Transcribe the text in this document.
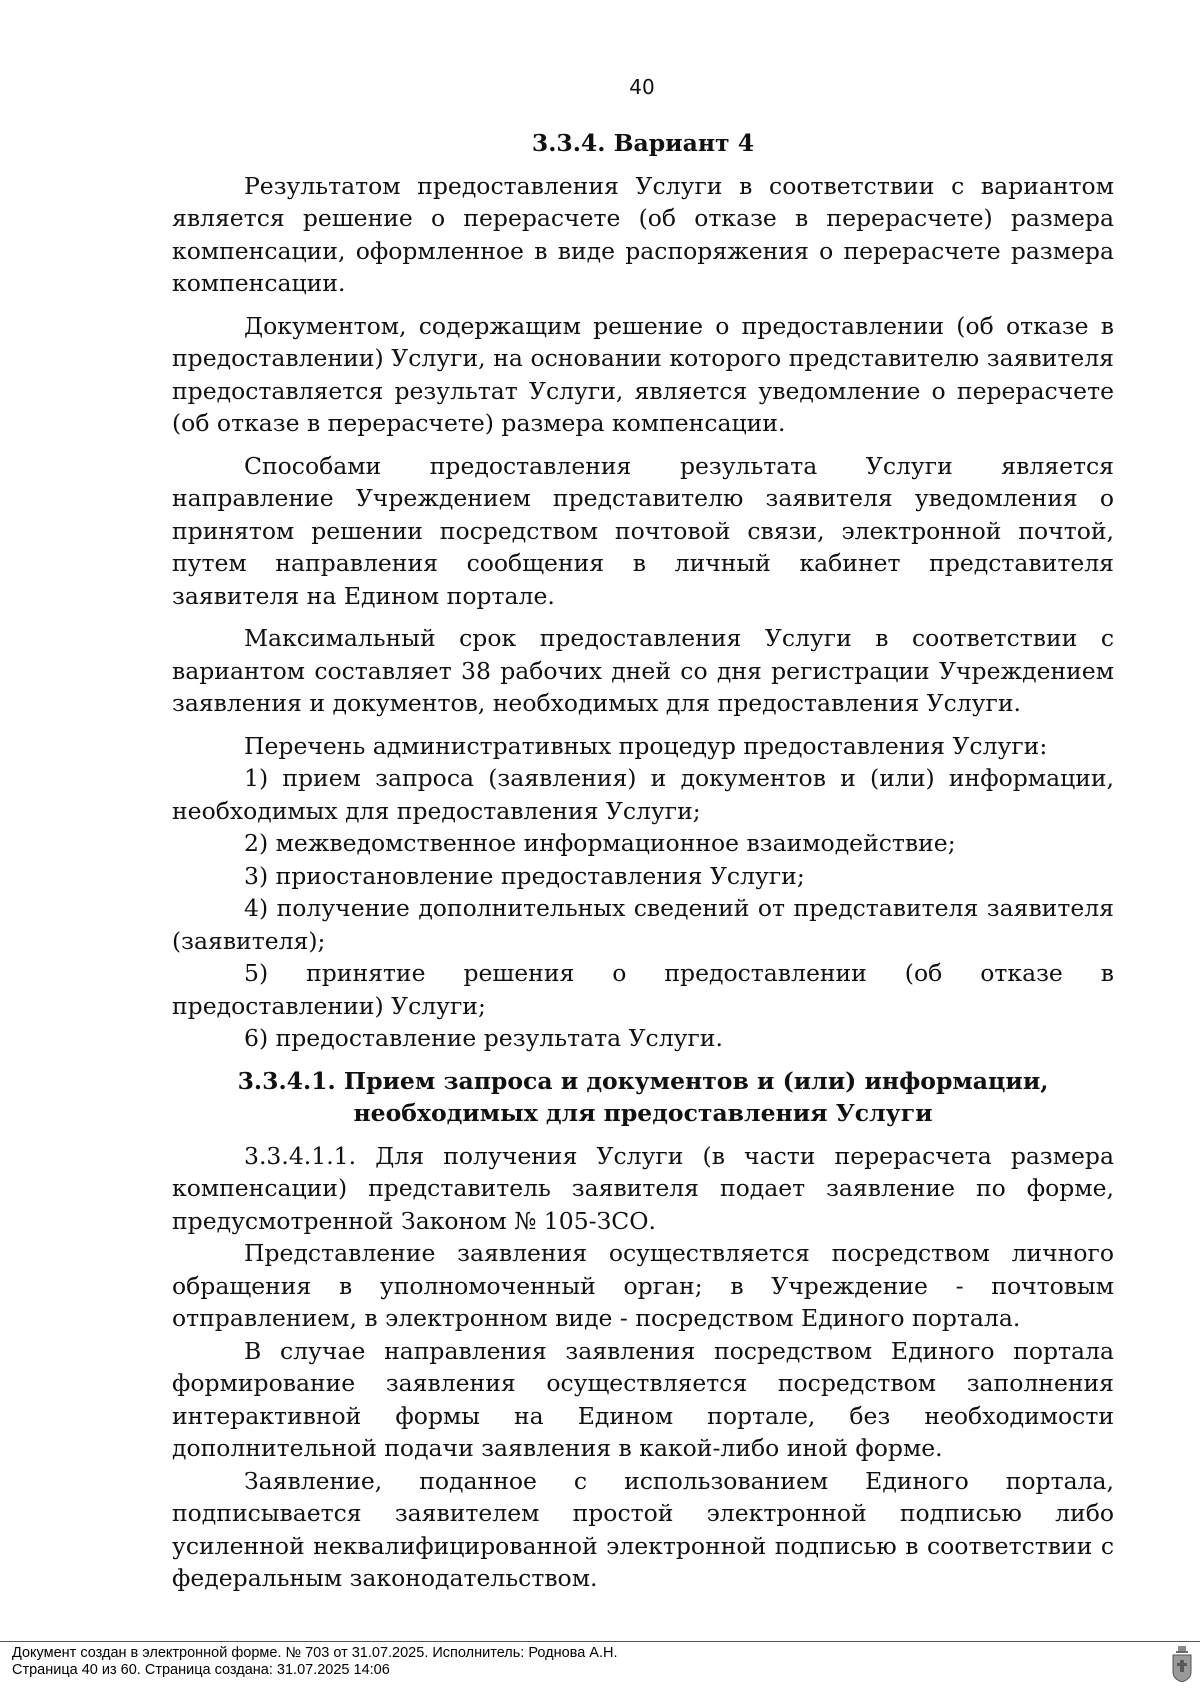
40
3.3.4. Вариант 4

Результатом предоставления Услуги в соответствии с вариантом является решение о перерасчете (об отказе в перерасчете) размера компенсации, оформленное в виде распоряжения о перерасчете размера компенсации.

Документом, содержащим решение о предоставлении (об отказе в предоставлении) Услуги, на основании которого представителю заявителя предоставляется результат Услуги, является уведомление о перерасчете (об отказе в перерасчете) размера компенсации.

Способами предоставления результата Услуги является направление Учреждением представителю заявителя уведомления о принятом решении посредством почтовой связи, электронной почтой, путем направления сообщения в личный кабинет представителя заявителя на Едином портале.

Максимальный срок предоставления Услуги в соответствии с вариантом составляет 38 рабочих дней со дня регистрации Учреждением заявления и документов, необходимых для предоставления Услуги.

Перечень административных процедур предоставления Услуги:

1) прием запроса (заявления) и документов и (или) информации, необходимых для предоставления Услуги;

2) межведомственное информационное взаимодействие;

3) приостановление предоставления Услуги;

4) получение дополнительных сведений от представителя заявителя (заявителя);

5) принятие решения о предоставлении (об отказе в предоставлении) Услуги;

6) предоставление результата Услуги.

3.3.4.1. Прием запроса и документов и (или) информации, необходимых для предоставления Услуги

3.3.4.1.1. Для получения Услуги (в части перерасчета размера компенсации) представитель заявителя подает заявление по форме, предусмотренной Законом № 105-ЗСО.

Представление заявления осуществляется посредством личного обращения в уполномоченный орган; в Учреждение - почтовым отправлением, в электронном виде - посредством Единого портала.

В случае направления заявления посредством Единого портала формирование заявления осуществляется посредством заполнения интерактивной формы на Едином портале, без необходимости дополнительной подачи заявления в какой-либо иной форме.

Заявление, поданное с использованием Единого портала, подписывается заявителем простой электронной подписью либо усиленной неквалифицированной электронной подписью в соответствии с федеральным законодательством.

Документ создан в электронной форме. № 703 от 31.07.2025. Исполнитель: Роднова А.Н.
Страница 40 из 60. Страница создана: 31.07.2025 14:06
